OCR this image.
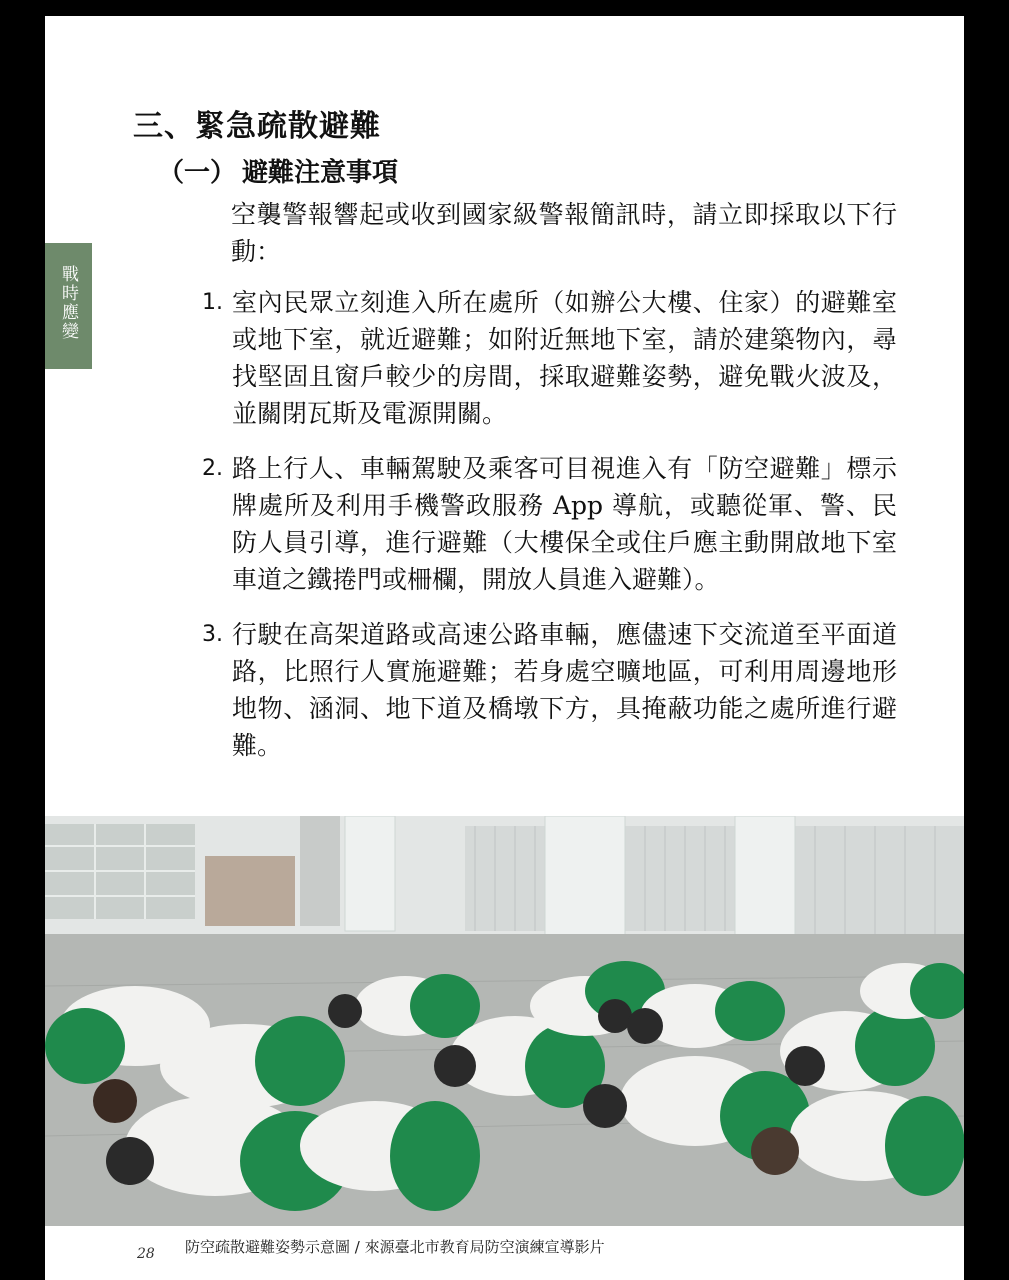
戰時應變
三、緊急疏散避難
（一） 避難注意事項
空襲警報響起或收到國家級警報簡訊時，請立即採取以下行動：
1. 室內民眾立刻進入所在處所（如辦公大樓、住家）的避難室或地下室，就近避難；如附近無地下室，請於建築物內，尋找堅固且窗戶較少的房間，採取避難姿勢，避免戰火波及，並關閉瓦斯及電源開關。
2. 路上行人、車輛駕駛及乘客可目視進入有「防空避難」標示牌處所及利用手機警政服務 App 導航，或聽從軍、警、民防人員引導，進行避難（大樓保全或住戶應主動開啟地下室車道之鐵捲門或柵欄，開放人員進入避難）。
3. 行駛在高架道路或高速公路車輛，應儘速下交流道至平面道路，比照行人實施避難；若身處空曠地區，可利用周邊地形地物、涵洞、地下道及橋墩下方，具掩蔽功能之處所進行避難。
防空疏散避難姿勢示意圖 / 來源臺北市教育局防空演練宣導影片
28
